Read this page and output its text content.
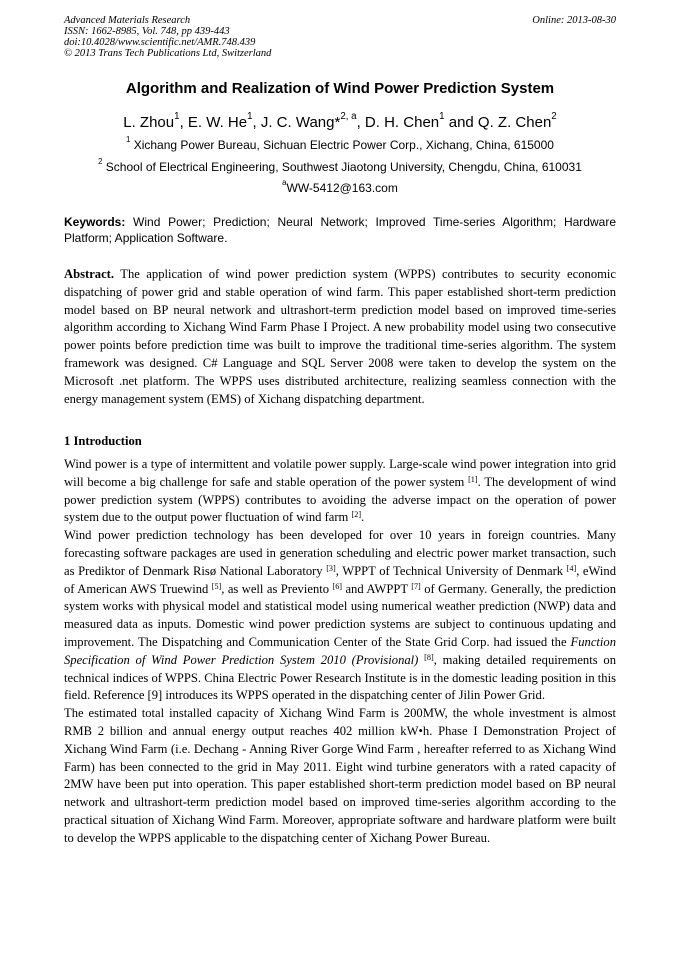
Advanced Materials Research
ISSN: 1662-8985, Vol. 748, pp 439-443
doi:10.4028/www.scientific.net/AMR.748.439
© 2013 Trans Tech Publications Ltd, Switzerland
Online: 2013-08-30
Algorithm and Realization of Wind Power Prediction System
L. Zhou$^1$, E. W. He$^1$, J. C. Wang*$^{2, a}$, D. H. Chen$^1$ and Q. Z. Chen$^2$
$^1$ Xichang Power Bureau, Sichuan Electric Power Corp., Xichang, China, 615000
$^2$ School of Electrical Engineering, Southwest Jiaotong University, Chengdu, China, 610031
$^a$WW-5412@163.com
Keywords: Wind Power; Prediction; Neural Network; Improved Time-series Algorithm; Hardware Platform; Application Software.
Abstract. The application of wind power prediction system (WPPS) contributes to security economic dispatching of power grid and stable operation of wind farm. This paper established short-term prediction model based on BP neural network and ultrashort-term prediction model based on improved time-series algorithm according to Xichang Wind Farm Phase I Project. A new probability model using two consecutive power points before prediction time was built to improve the traditional time-series algorithm. The system framework was designed. C# Language and SQL Server 2008 were taken to develop the system on the Microsoft .net platform. The WPPS uses distributed architecture, realizing seamless connection with the energy management system (EMS) of Xichang dispatching department.
1 Introduction

Wind power is a type of intermittent and volatile power supply. Large-scale wind power integration into grid will become a big challenge for safe and stable operation of the power system [1]. The development of wind power prediction system (WPPS) contributes to avoiding the adverse impact on the operation of power system due to the output power fluctuation of wind farm [2].

Wind power prediction technology has been developed for over 10 years in foreign countries. Many forecasting software packages are used in generation scheduling and electric power market transaction, such as Prediktor of Denmark Risø National Laboratory [3], WPPT of Technical University of Denmark [4], eWind of American AWS Truewind [5], as well as Previento [6] and AWPPT [7] of Germany. Generally, the prediction system works with physical model and statistical model using numerical weather prediction (NWP) data and measured data as inputs. Domestic wind power prediction systems are subject to continuous updating and improvement. The Dispatching and Communication Center of the State Grid Corp. had issued the Function Specification of Wind Power Prediction System 2010 (Provisional) [8], making detailed requirements on technical indices of WPPS. China Electric Power Research Institute is in the domestic leading position in this field. Reference [9] introduces its WPPS operated in the dispatching center of Jilin Power Grid.

The estimated total installed capacity of Xichang Wind Farm is 200MW, the whole investment is almost RMB 2 billion and annual energy output reaches 402 million kW•h. Phase I Demonstration Project of Xichang Wind Farm (i.e. Dechang - Anning River Gorge Wind Farm , hereafter referred to as Xichang Wind Farm) has been connected to the grid in May 2011. Eight wind turbine generators with a rated capacity of 2MW have been put into operation. This paper established short-term prediction model based on BP neural network and ultrashort-term prediction model based on improved time-series algorithm according to the practical situation of Xichang Wind Farm. Moreover, appropriate software and hardware platform were built to develop the WPPS applicable to the dispatching center of Xichang Power Bureau.
